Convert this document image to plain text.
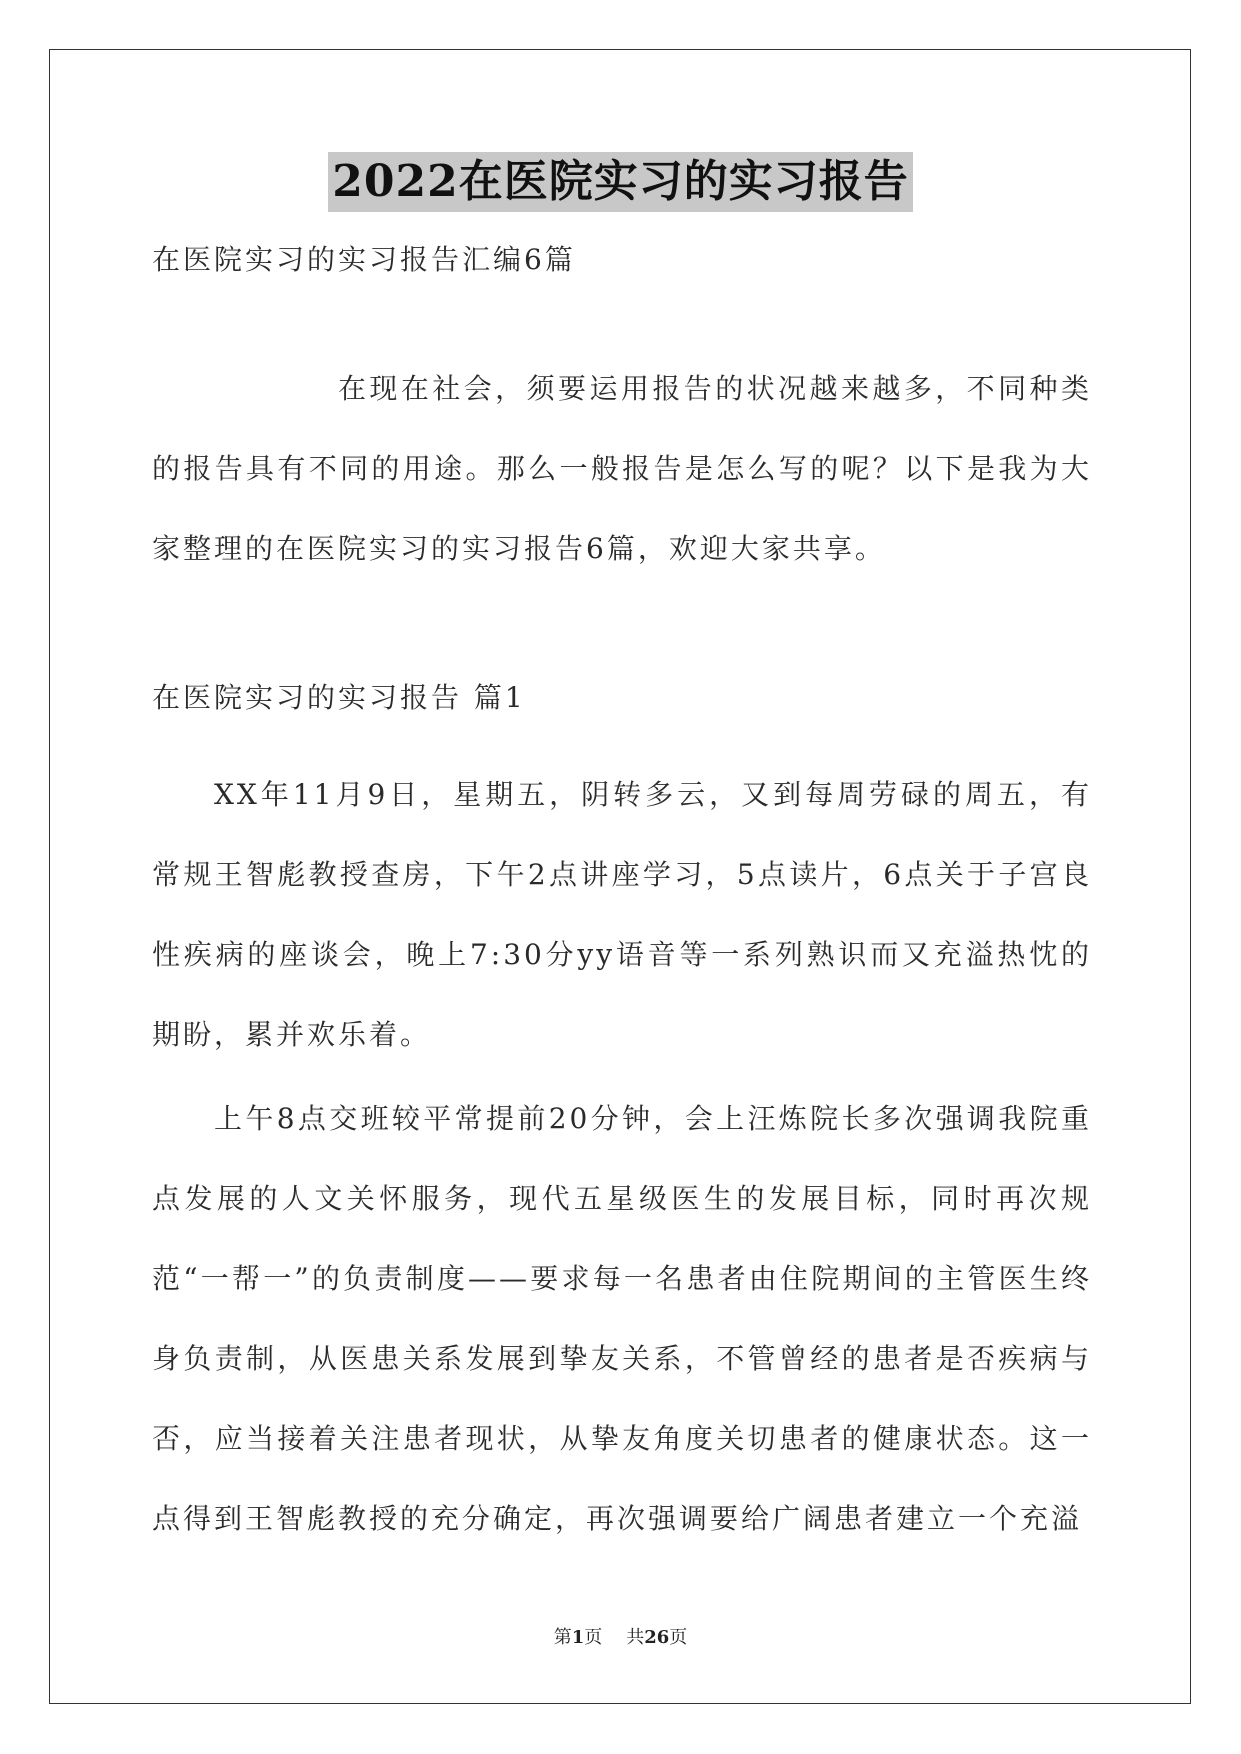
2022在医院实习的实习报告
在医院实习的实习报告汇编6篇
在现在社会，须要运用报告的状况越来越多，不同种类的报告具有不同的用途。那么一般报告是怎么写的呢？以下是我为大家整理的在医院实习的实习报告6篇，欢迎大家共享。
在医院实习的实习报告 篇1
XX年11月9日，星期五，阴转多云，又到每周劳碌的周五，有常规王智彪教授查房，下午2点讲座学习，5点读片，6点关于子宫良性疾病的座谈会，晚上7:30分yy语音等一系列熟识而又充溢热忱的期盼，累并欢乐着。
上午8点交班较平常提前20分钟，会上汪炼院长多次强调我院重点发展的人文关怀服务，现代五星级医生的发展目标，同时再次规范“一帮一”的负责制度——要求每一名患者由住院期间的主管医生终身负责制，从医患关系发展到挚友关系，不管曾经的患者是否疾病与否，应当接着关注患者现状，从挚友角度关切患者的健康状态。这一点得到王智彪教授的充分确定，再次强调要给广阔患者建立一个充溢
第1页 共26页
